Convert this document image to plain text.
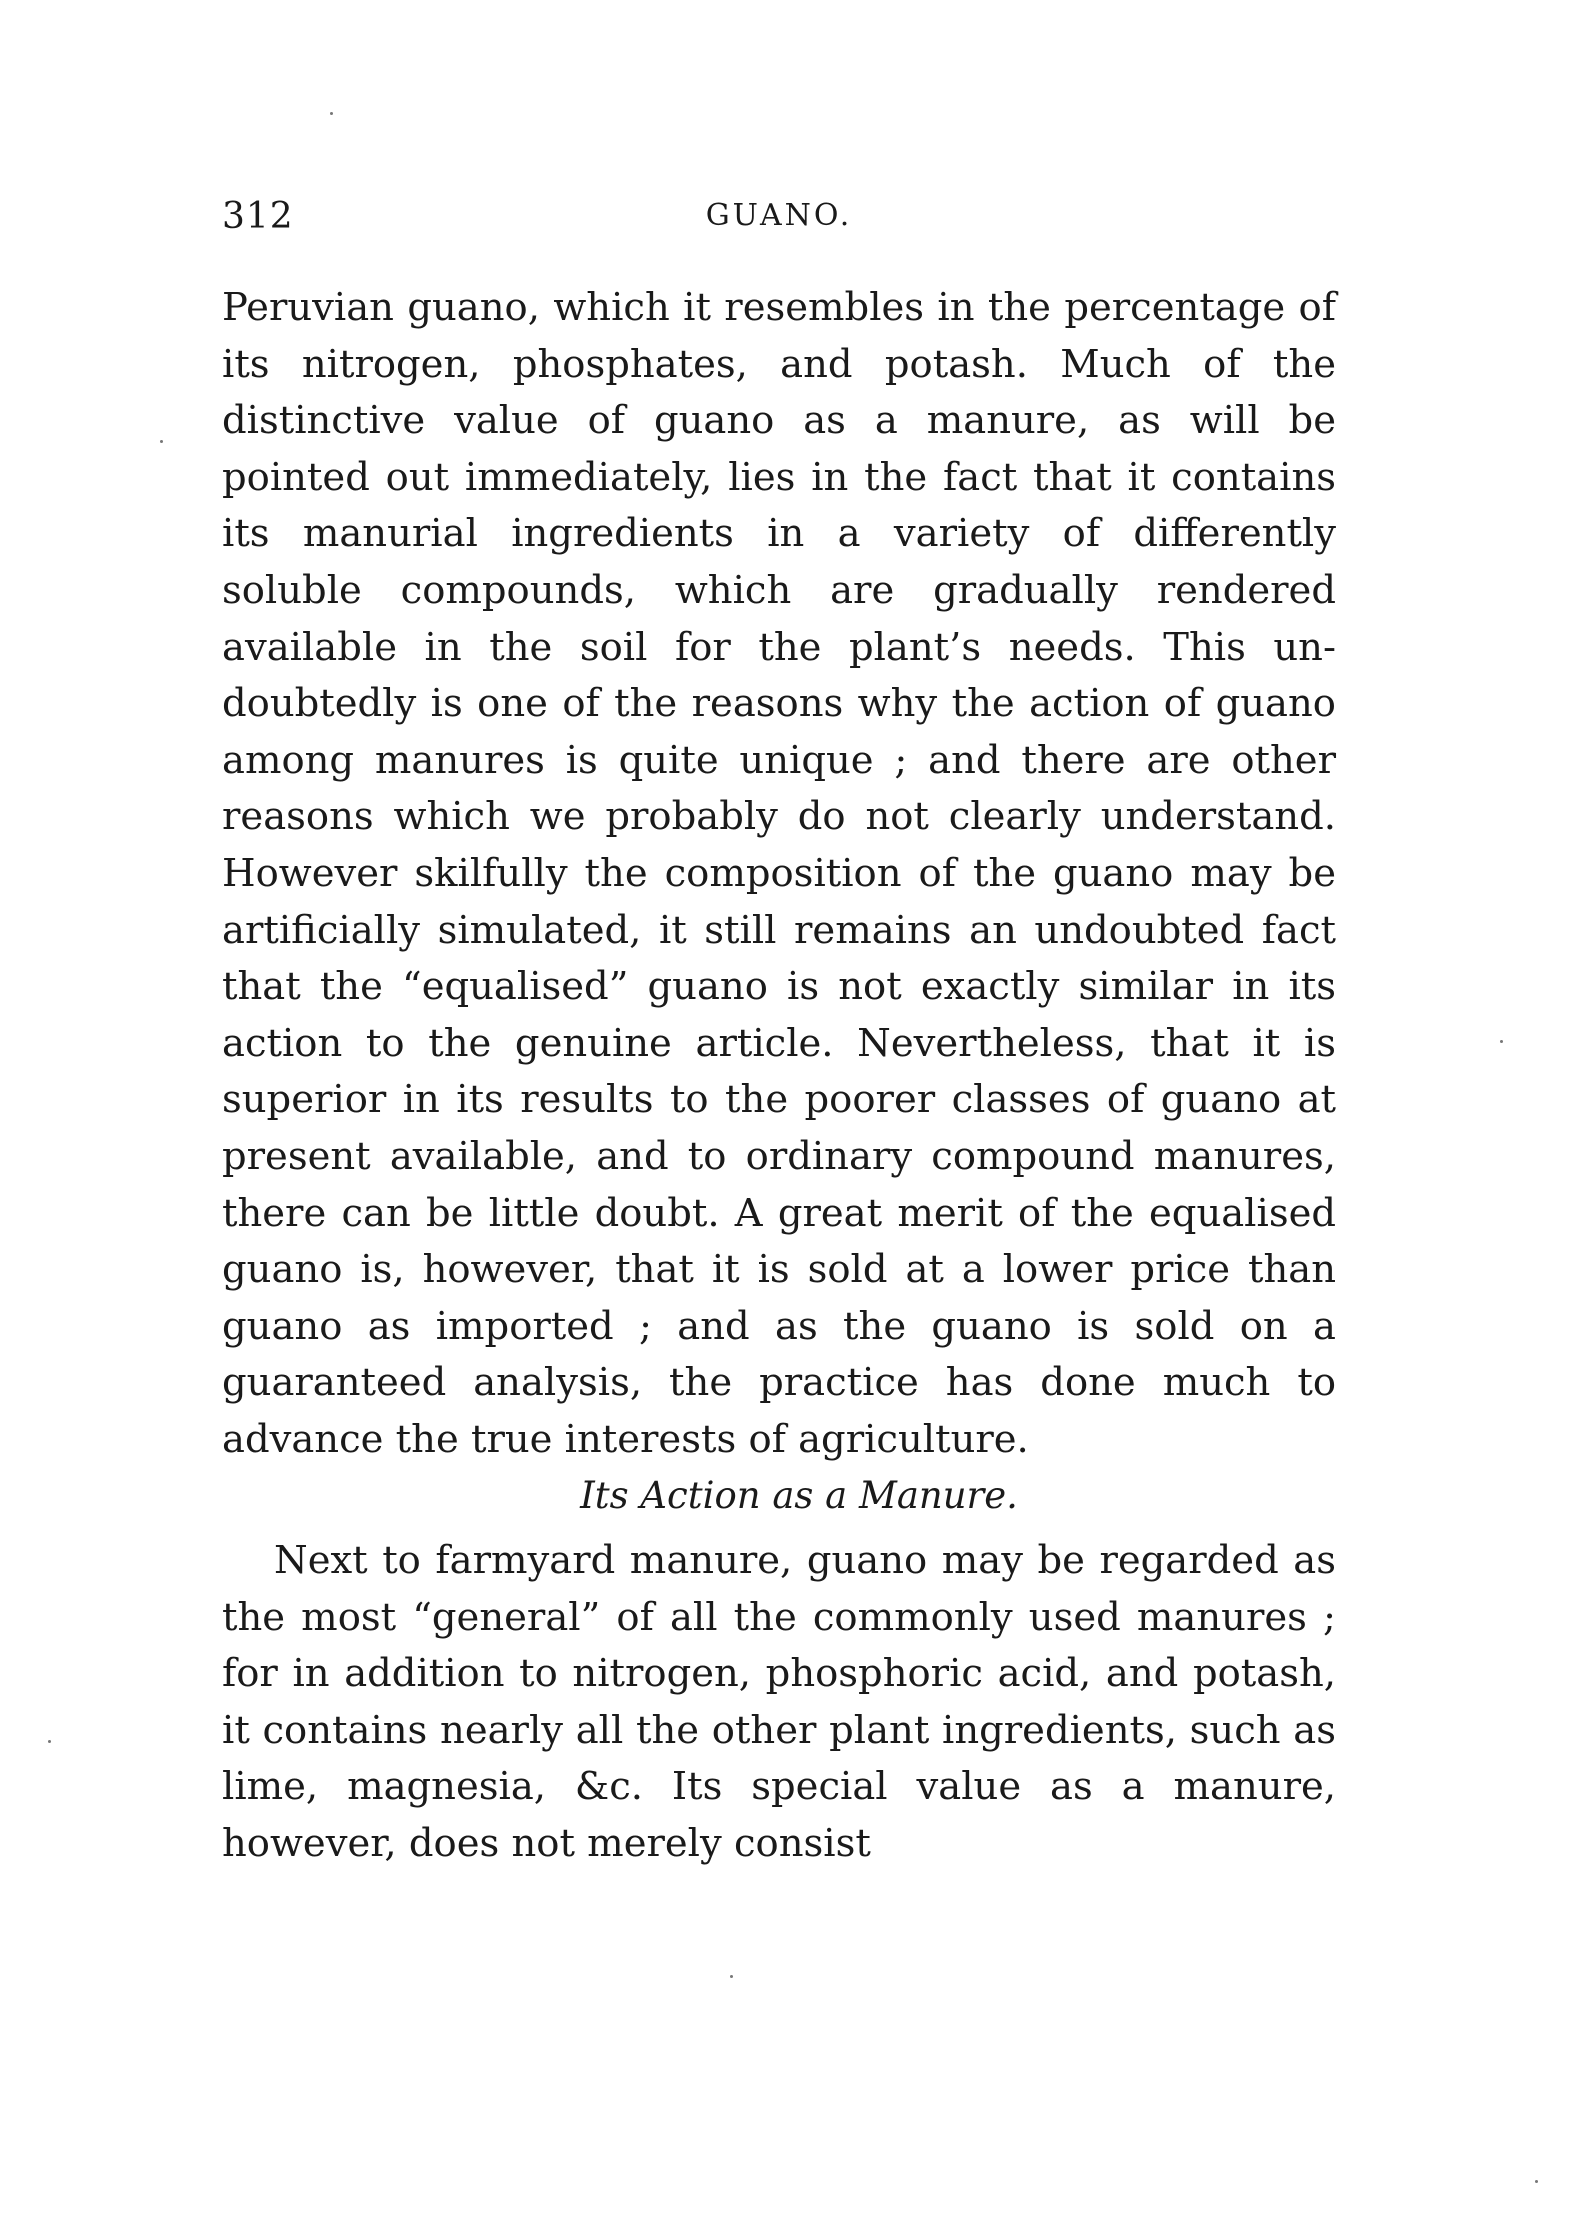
312	GUANO.

Peruvian guano, which it resembles in the percentage of its nitrogen, phosphates, and potash. Much of the distinctive value of guano as a manure, as will be pointed out immediately, lies in the fact that it contains its manurial ingredients in a variety of differently soluble compounds, which are gradually rendered available in the soil for the plant’s needs. This undoubtedly is one of the reasons why the action of guano among manures is quite unique ; and there are other reasons which we probably do not clearly understand. However skilfully the composition of the guano may be artificially simulated, it still remains an undoubted fact that the “equalised” guano is not exactly similar in its action to the genuine article. Nevertheless, that it is superior in its results to the poorer classes of guano at present available, and to ordinary compound manures, there can be little doubt. A great merit of the equalised guano is, however, that it is sold at a lower price than guano as imported ; and as the guano is sold on a guaranteed analysis, the practice has done much to advance the true interests of agriculture.

Its Action as a Manure.

Next to farmyard manure, guano may be regarded as the most “general” of all the commonly used manures ; for in addition to nitrogen, phosphoric acid, and potash, it contains nearly all the other plant ingredients, such as lime, magnesia, &c. Its special value as a manure, however, does not merely consist
